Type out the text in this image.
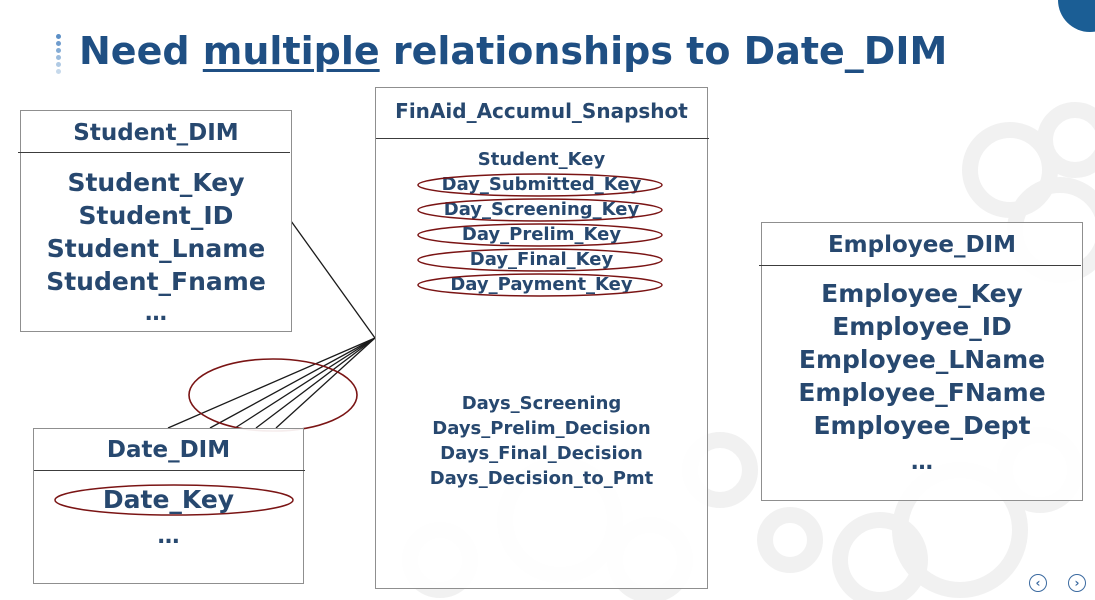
Need multiple relationships to Date_DIM
Student_DIM
Student_Key
Student_ID
Student_Lname
Student_Fname
…
FinAid_Accumul_Snapshot
Student_Key
Day_Submitted_Key
Day_Screening_Key
Day_Prelim_Key
Day_Final_Key
Day_Payment_Key
Days_Screening
Days_Prelim_Decision
Days_Final_Decision
Days_Decision_to_Pmt
Date_DIM
Date_Key
…
Employee_DIM
Employee_Key
Employee_ID
Employee_LName
Employee_FName
Employee_Dept
…
‹	›
